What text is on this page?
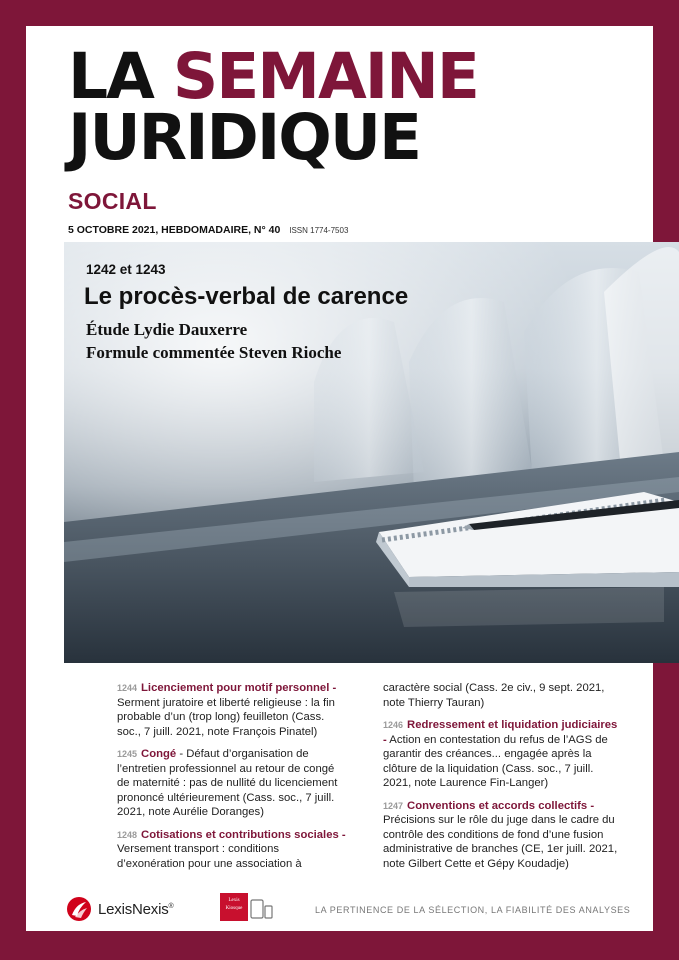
LA SEMAINE
JURIDIQUE
SOCIAL
5 OCTOBRE 2021, HEBDOMADAIRE, N° 40 ISSN 1774-7503
1242 et 1243
Le procès-verbal de carence
Étude Lydie Dauxerre
Formule commentée Steven Rioche
1244 Licenciement pour motif personnel - Serment juratoire et liberté religieuse : la fin probable d’un (trop long) feuilleton (Cass. soc., 7 juill. 2021, note François Pinatel)
1245 Congé - Défaut d’organisation de l’entretien professionnel au retour de congé de maternité : pas de nullité du licenciement prononcé ultérieurement (Cass. soc., 7 juill. 2021, note Aurélie Doranges)
1248 Cotisations et contributions sociales - Versement transport : conditions d’exonération pour une association à
caractère social (Cass. 2e civ., 9 sept. 2021, note Thierry Tauran)
1246 Redressement et liquidation judiciaires - Action en contestation du refus de l’AGS de garantir des créances... engagée après la clôture de la liquidation (Cass. soc., 7 juill. 2021, note Laurence Fin-Langer)
1247 Conventions et accords collectifs - Précisions sur le rôle du juge dans le cadre du contrôle des conditions de fond d’une fusion administrative de branches (CE, 1er juill. 2021, note Gilbert Cette et Gépy Koudadje)
LexisNexis®
Lexis
Kiosque	LA PERTINENCE DE LA SÉLECTION, LA FIABILITÉ DES ANALYSES
